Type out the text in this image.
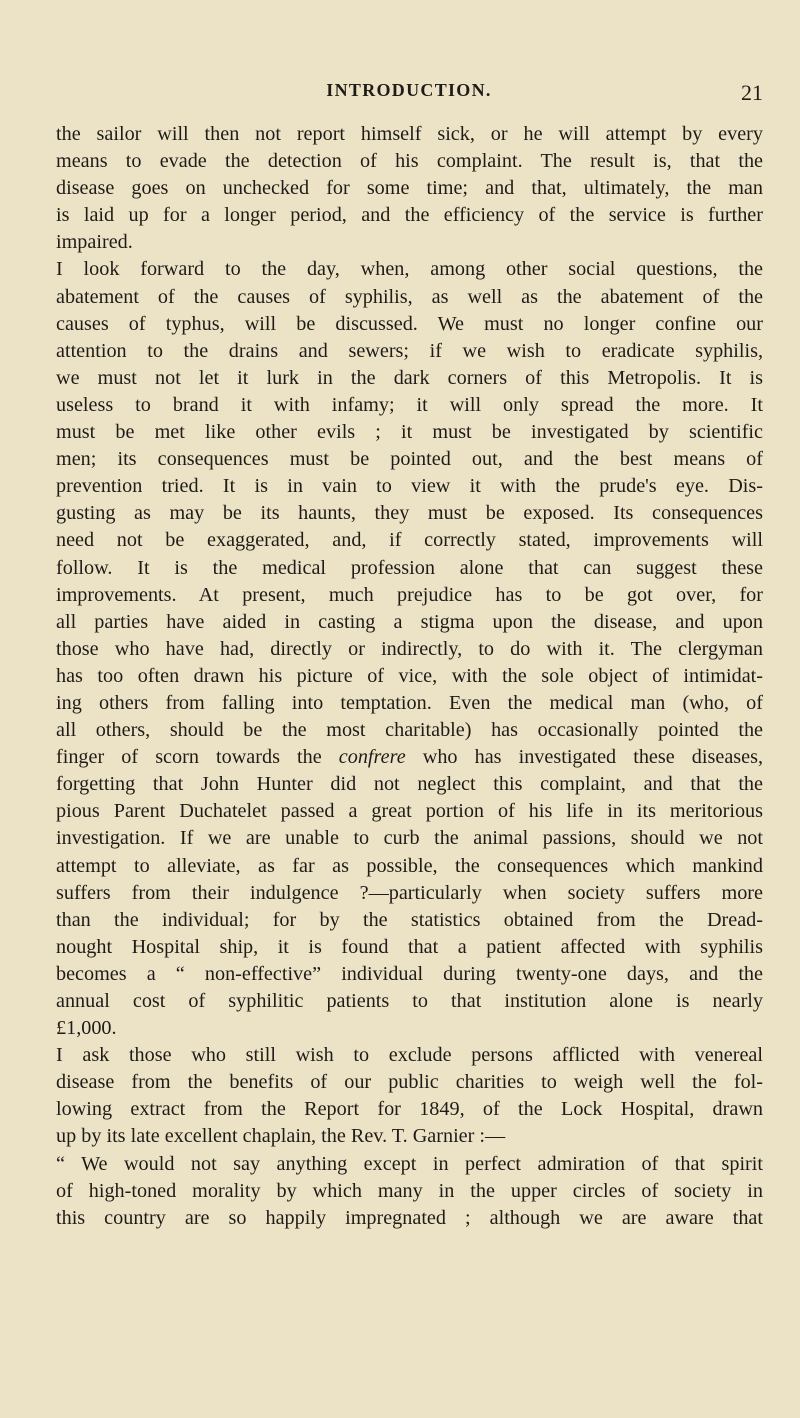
INTRODUCTION.	21
the sailor will then not report himself sick, or he will attempt by every
means to evade the detection of his complaint. The result is, that the
disease goes on unchecked for some time; and that, ultimately, the man
is laid up for a longer period, and the efficiency of the service is further
impaired.
I look forward to the day, when, among other social questions, the
abatement of the causes of syphilis, as well as the abatement of the
causes of typhus, will be discussed. We must no longer confine our
attention to the drains and sewers; if we wish to eradicate syphilis,
we must not let it lurk in the dark corners of this Metropolis. It is
useless to brand it with infamy; it will only spread the more. It
must be met like other evils ; it must be investigated by scientific
men; its consequences must be pointed out, and the best means of
prevention tried. It is in vain to view it with the prude's eye. Dis-
gusting as may be its haunts, they must be exposed. Its consequences
need not be exaggerated, and, if correctly stated, improvements will
follow. It is the medical profession alone that can suggest these
improvements. At present, much prejudice has to be got over, for
all parties have aided in casting a stigma upon the disease, and upon
those who have had, directly or indirectly, to do with it. The clergyman
has too often drawn his picture of vice, with the sole object of intimidat-
ing others from falling into temptation. Even the medical man (who, of
all others, should be the most charitable) has occasionally pointed the
finger of scorn towards the confrere who has investigated these diseases,
forgetting that John Hunter did not neglect this complaint, and that the
pious Parent Duchatelet passed a great portion of his life in its meritorious
investigation. If we are unable to curb the animal passions, should we not
attempt to alleviate, as far as possible, the consequences which mankind
suffers from their indulgence ?—particularly when society suffers more
than the individual; for by the statistics obtained from the Dread-
nought Hospital ship, it is found that a patient affected with syphilis
becomes a “ non-effective” individual during twenty-one days, and the
annual cost of syphilitic patients to that institution alone is nearly
£1,000.
I ask those who still wish to exclude persons afflicted with venereal
disease from the benefits of our public charities to weigh well the fol-
lowing extract from the Report for 1849, of the Lock Hospital, drawn
up by its late excellent chaplain, the Rev. T. Garnier :—
“ We would not say anything except in perfect admiration of that spirit
of high-toned morality by which many in the upper circles of society in
this country are so happily impregnated ; although we are aware that
